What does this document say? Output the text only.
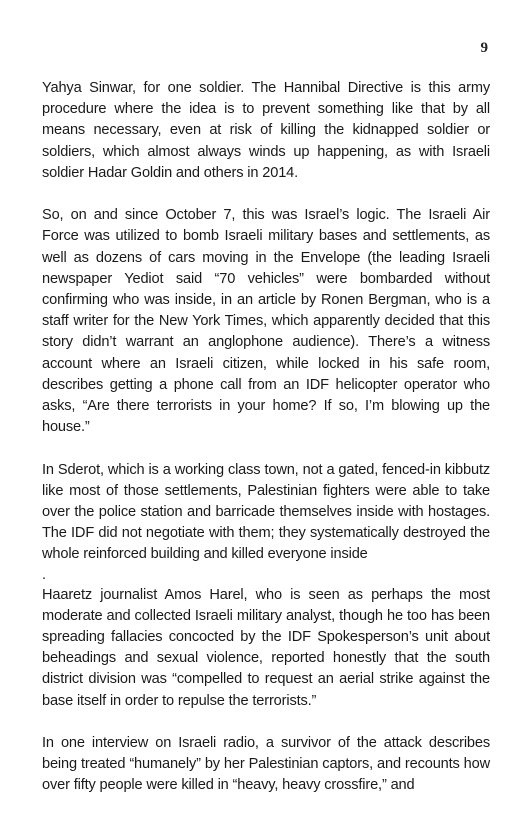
9

Yahya Sinwar, for one soldier. The Hannibal Directive is this army procedure where the idea is to prevent something like that by all means necessary, even at risk of killing the kidnapped soldier or soldiers, which almost always winds up happening, as with Israeli soldier Hadar Goldin and others in 2014.

So, on and since October 7, this was Israel’s logic. The Israeli Air Force was utilized to bomb Israeli military bases and settlements, as well as dozens of cars moving in the Envelope (the leading Israeli newspaper Yediot said “70 vehicles” were bombarded without confirming who was inside, in an article by Ronen Bergman, who is a staff writer for the New York Times, which apparently decided that this story didn’t warrant an anglophone audience). There’s a witness account where an Israeli citizen, while locked in his safe room, describes getting a phone call from an IDF helicopter operator who asks, “Are there terrorists in your home? If so, I’m blowing up the house.”

In Sderot, which is a working class town, not a gated, fenced-in kibbutz like most of those settlements, Palestinian fighters were able to take over the police station and barricade themselves inside with hostages. The IDF did not negotiate with them; they systematically destroyed the whole reinforced building and killed everyone inside

.

Haaretz journalist Amos Harel, who is seen as perhaps the most moderate and collected Israeli military analyst, though he too has been spreading fallacies concocted by the IDF Spokesperson’s unit about beheadings and sexual violence, reported honestly that the south district division was “compelled to request an aerial strike against the base itself in order to repulse the terrorists.”

In one interview on Israeli radio, a survivor of the attack describes being treated “humanely” by her Palestinian captors, and recounts how over fifty people were killed in “heavy, heavy crossfire,” and
